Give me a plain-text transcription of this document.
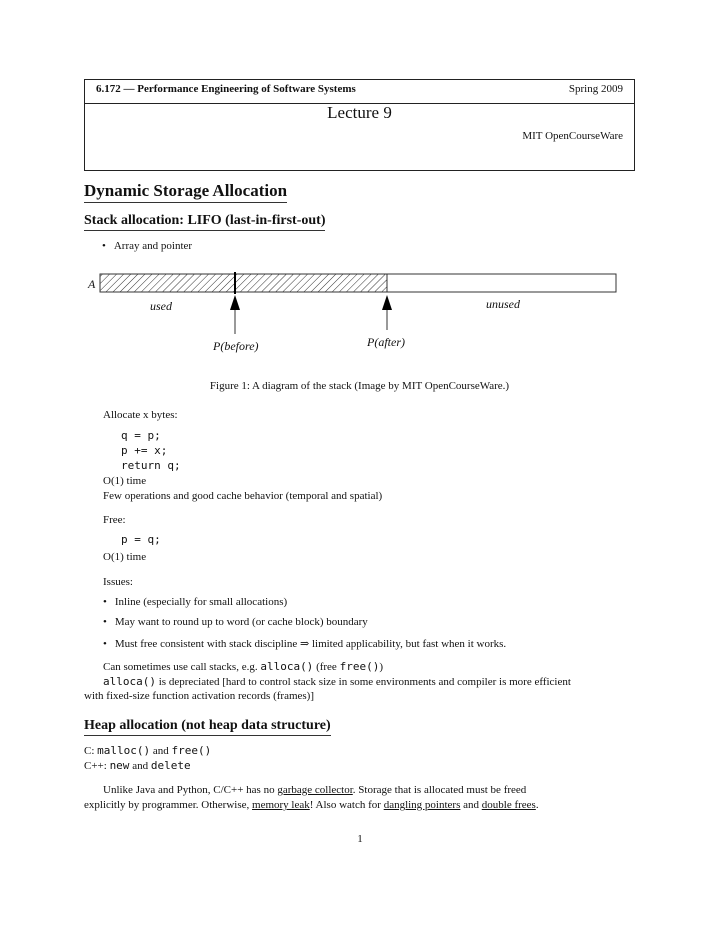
6.172 — Performance Engineering of Software Systems	Spring 2009
Lecture 9
MIT OpenCourseWare
Dynamic Storage Allocation
Stack allocation: LIFO (last-in-first-out)
• Array and pointer
A
used	unused
P(before)	P(after)
Figure 1: A diagram of the stack (Image by MIT OpenCourseWare.)
Allocate x bytes:
q = p;
p += x;
return q;
O(1) time
Few operations and good cache behavior (temporal and spatial)
Free:
p = q;
O(1) time
Issues:
• Inline (especially for small allocations)
• May want to round up to word (or cache block) boundary
• Must free consistent with stack discipline ⇒ limited applicability, but fast when it works.
Can sometimes use call stacks, e.g. alloca() (free free())
alloca() is depreciated [hard to control stack size in some environments and compiler is more efficient
with fixed-size function activation records (frames)]
Heap allocation (not heap data structure)
C: malloc() and free()
C++: new and delete
Unlike Java and Python, C/C++ has no garbage collector. Storage that is allocated must be freed
explicitly by programmer. Otherwise, memory leak! Also watch for dangling pointers and double frees.
1
